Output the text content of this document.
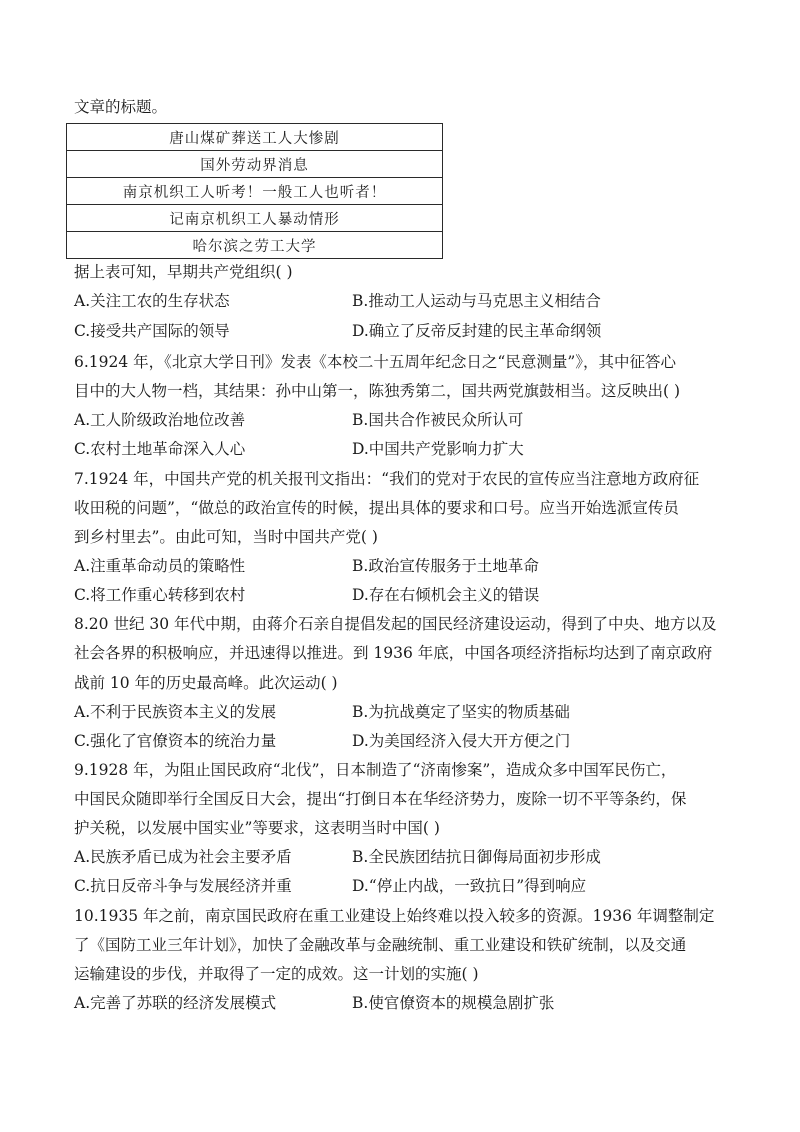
文章的标题。
唐山煤矿葬送工人大惨剧
国外劳动界消息
南京机织工人听考！一般工人也听者！
记南京机织工人暴动情形
哈尔滨之劳工大学
据上表可知，早期共产党组织( )
A.关注工农的生存状态	B.推动工人运动与马克思主义相结合
C.接受共产国际的领导	D.确立了反帝反封建的民主革命纲领
6.1924 年，《北京大学日刊》发表《本校二十五周年纪念日之“民意测量”》，其中征答心
目中的大人物一档，其结果：孙中山第一，陈独秀第二，国共两党旗鼓相当。这反映出( )
A.工人阶级政治地位改善	B.国共合作被民众所认可
C.农村土地革命深入人心	D.中国共产党影响力扩大
7.1924 年，中国共产党的机关报刊文指出：“我们的党对于农民的宣传应当注意地方政府征
收田税的问题”，“做总的政治宣传的时候，提出具体的要求和口号。应当开始选派宣传员
到乡村里去”。由此可知，当时中国共产党( )
A.注重革命动员的策略性	B.政治宣传服务于土地革命
C.将工作重心转移到农村	D.存在右倾机会主义的错误
8.20 世纪 30 年代中期，由蒋介石亲自提倡发起的国民经济建设运动，得到了中央、地方以及
社会各界的积极响应，并迅速得以推进。到 1936 年底，中国各项经济指标均达到了南京政府
战前 10 年的历史最高峰。此次运动( )
A.不利于民族资本主义的发展	B.为抗战奠定了坚实的物质基础
C.强化了官僚资本的统治力量	D.为美国经济入侵大开方便之门
9.1928 年，为阻止国民政府“北伐”，日本制造了“济南惨案”，造成众多中国军民伤亡，
中国民众随即举行全国反日大会，提出“打倒日本在华经济势力，废除一切不平等条约，保
护关税，以发展中国实业”等要求，这表明当时中国( )
A.民族矛盾已成为社会主要矛盾	B.全民族团结抗日御侮局面初步形成
C.抗日反帝斗争与发展经济并重	D.“停止内战，一致抗日”得到响应
10.1935 年之前，南京国民政府在重工业建设上始终难以投入较多的资源。1936 年调整制定
了《国防工业三年计划》，加快了金融改革与金融统制、重工业建设和铁矿统制，以及交通
运输建设的步伐，并取得了一定的成效。这一计划的实施( )
A.完善了苏联的经济发展模式	B.使官僚资本的规模急剧扩张
